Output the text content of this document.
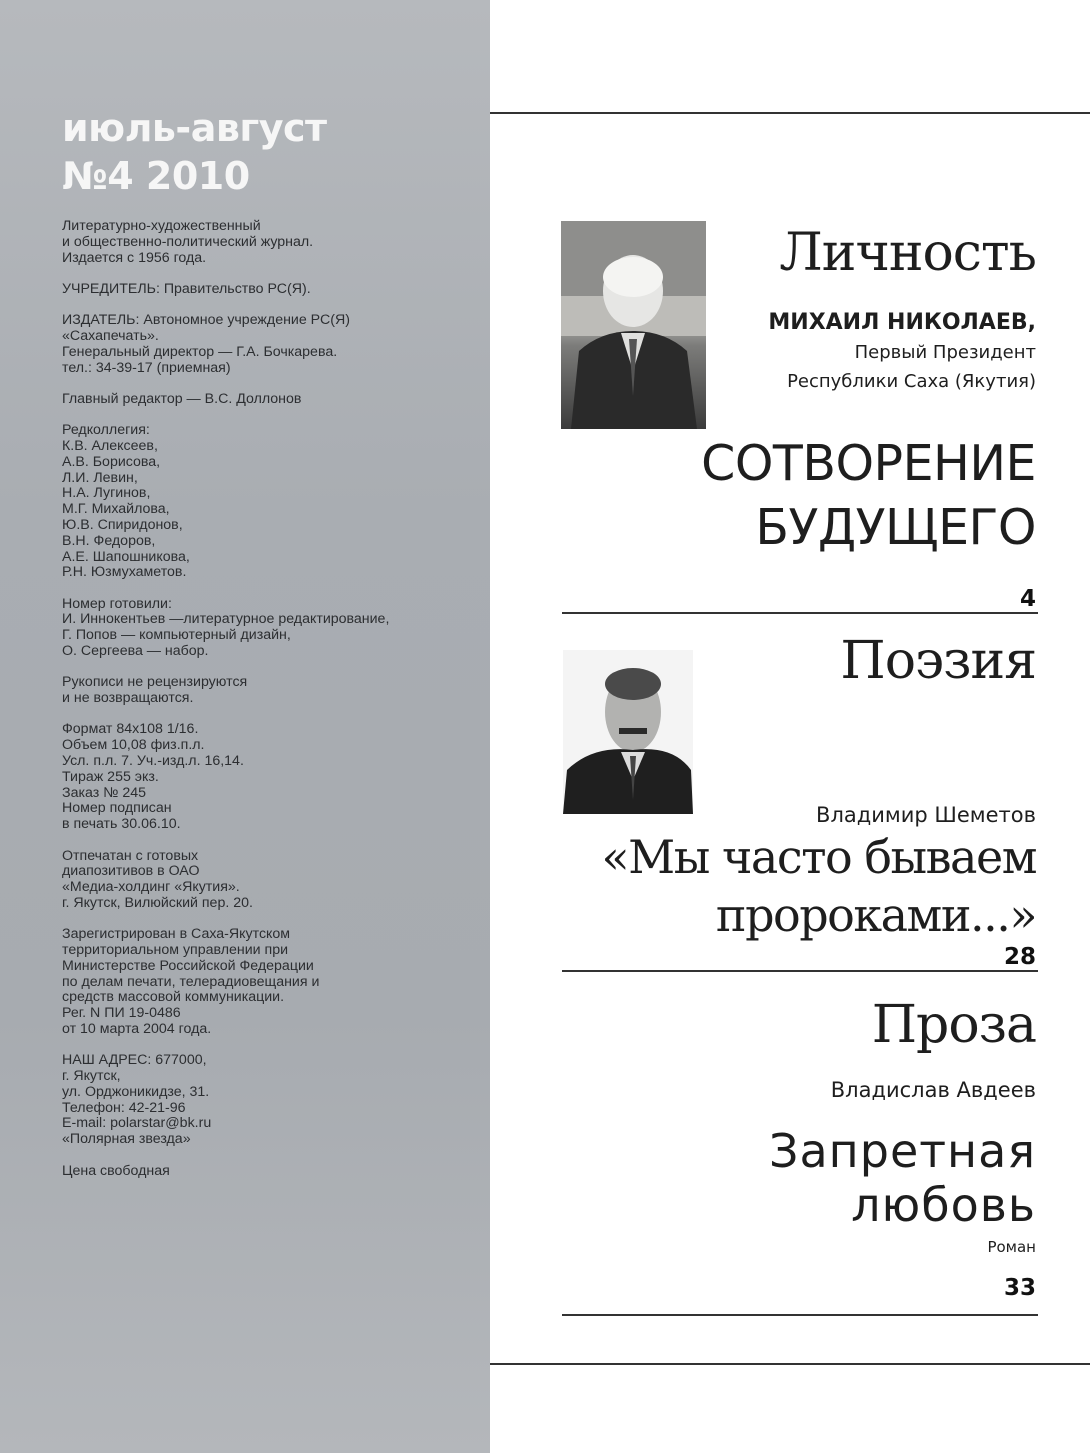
июль-август
№4 2010

Литературно-художественный
и общественно-политический журнал.
Издается с 1956 года.

УЧРЕДИТЕЛЬ: Правительство РС(Я).

ИЗДАТЕЛЬ: Автономное учреждение РС(Я)
«Сахапечать».
Генеральный директор — Г.А. Бочкарева.
тел.: 34-39-17 (приемная)

Главный редактор — В.С. Доллонов

Редколлегия:
К.В. Алексеев,
А.В. Борисова,
Л.И. Левин,
Н.А. Лугинов,
М.Г. Михайлова,
Ю.В. Спиридонов,
В.Н. Федоров,
А.Е. Шапошникова,
Р.Н. Юзмухаметов.

Номер готовили:
И. Иннокентьев —литературное редактирование,
Г. Попов — компьютерный дизайн,
О. Сергеева — набор.

Рукописи не рецензируются
и не возвращаются.

Формат 84х108 1/16.
Объем 10,08 физ.п.л.
Усл. п.л. 7. Уч.-изд.л. 16,14.
Тираж 255 экз.
Заказ № 245
Номер подписан
в печать 30.06.10.

Отпечатан с готовых
диапозитивов в ОАО
«Медиа-холдинг «Якутия».
г. Якутск, Вилюйский пер. 20.

Зарегистрирован в Саха-Якутском
территориальном управлении при
Министерстве Российской Федерации
по делам печати, телерадиовещания и
средств массовой коммуникации.
Рег. N ПИ 19-0486
от 10 марта 2004 года.

НАШ АДРЕС: 677000,
г. Якутск,
ул. Орджоникидзе, 31.
Телефон: 42-21-96
E-mail: polarstar@bk.ru
«Полярная звезда»

Цена свободная

Личность
МИХАИЛ НИКОЛАЕВ,
Первый Президент
Республики Саха (Якутия)
СОТВОРЕНИЕ
БУДУЩЕГО
4
Поэзия
Владимир Шеметов
«Мы часто бываем
пророками...»
28
Проза
Владислав Авдеев
Запретная
любовь
Роман
33
